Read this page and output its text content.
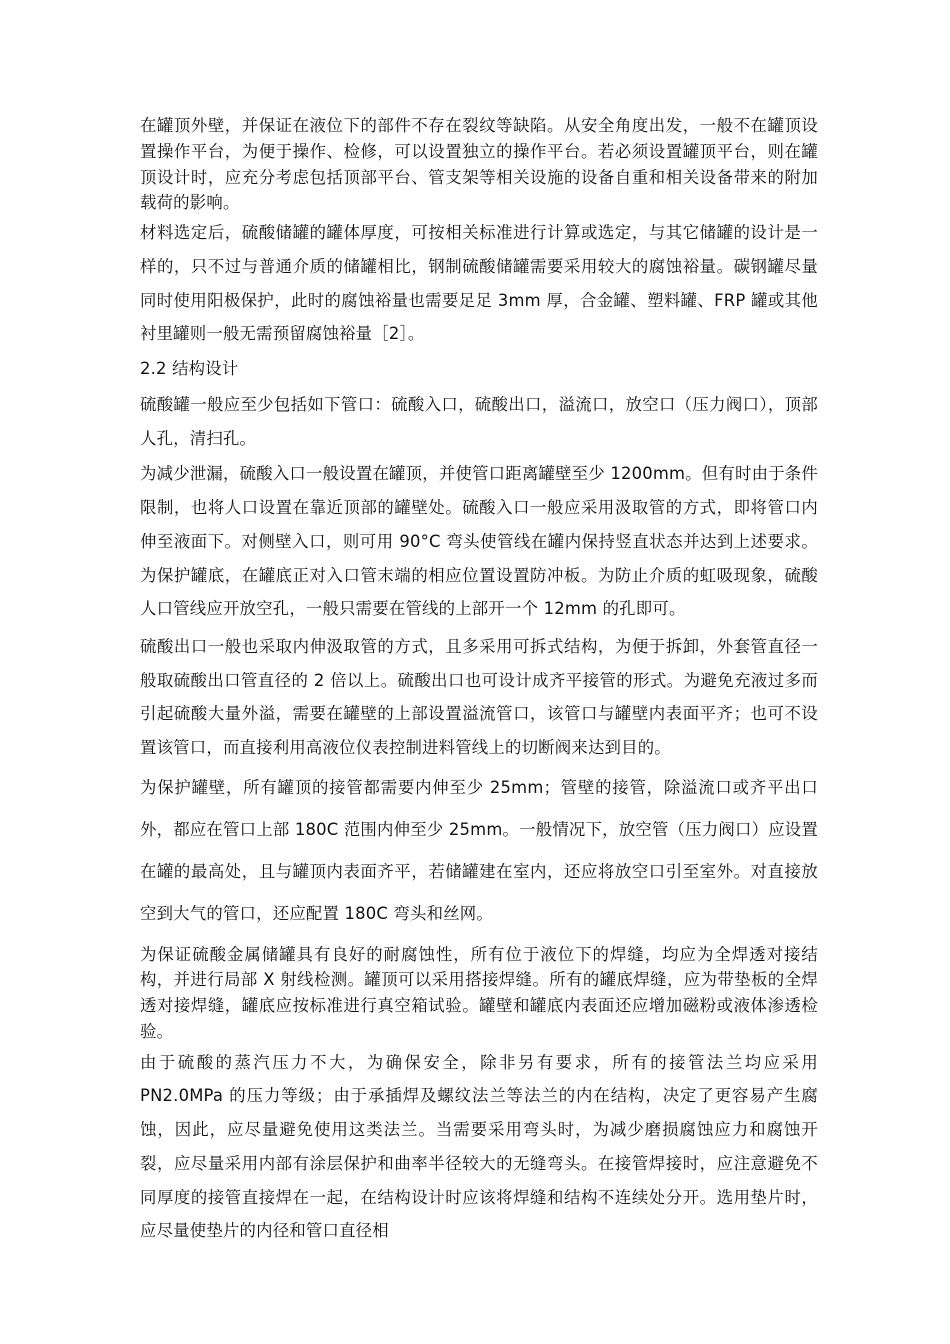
在罐顶外壁，并保证在液位下的部件不存在裂纹等缺陷。从安全角度出发，一般不在罐顶设置操作平台，为便于操作、检修，可以设置独立的操作平台。若必须设置罐顶平台，则在罐顶设计时，应充分考虑包括顶部平台、管支架等相关设施的设备自重和相关设备带来的附加载荷的影响。

材料选定后，硫酸储罐的罐体厚度，可按相关标准进行计算或选定，与其它储罐的设计是一样的，只不过与普通介质的储罐相比，钢制硫酸储罐需要采用较大的腐蚀裕量。碳钢罐尽量同时使用阳极保护，此时的腐蚀裕量也需要足足 3mm 厚，合金罐、塑料罐、FRP 罐或其他衬里罐则一般无需预留腐蚀裕量［2］。

2.2 结构设计

硫酸罐一般应至少包括如下管口：硫酸入口，硫酸出口，溢流口，放空口（压力阀口），顶部人孔，清扫孔。

为减少泄漏，硫酸入口一般设置在罐顶，并使管口距离罐壁至少 1200mm。但有时由于条件限制，也将人口设置在靠近顶部的罐壁处。硫酸入口一般应采用汲取管的方式，即将管口内伸至液面下。对侧壁入口，则可用 90°C 弯头使管线在罐内保持竖直状态并达到上述要求。为保护罐底，在罐底正对入口管末端的相应位置设置防冲板。为防止介质的虹吸现象，硫酸人口管线应开放空孔，一般只需要在管线的上部开一个 12mm 的孔即可。

硫酸出口一般也采取内伸汲取管的方式，且多采用可拆式结构，为便于拆卸，外套管直径一般取硫酸出口管直径的 2 倍以上。硫酸出口也可设计成齐平接管的形式。为避免充液过多而引起硫酸大量外溢，需要在罐壁的上部设置溢流管口，该管口与罐壁内表面平齐；也可不设置该管口，而直接利用高液位仪表控制进料管线上的切断阀来达到目的。

为保护罐壁，所有罐顶的接管都需要内伸至少 25mm；管壁的接管，除溢流口或齐平出口外，都应在管口上部 180C 范围内伸至少 25mm。一般情况下，放空管（压力阀口）应设置在罐的最高处，且与罐顶内表面齐平，若储罐建在室内，还应将放空口引至室外。对直接放空到大气的管口，还应配置 180C 弯头和丝网。

为保证硫酸金属储罐具有良好的耐腐蚀性，所有位于液位下的焊缝，均应为全焊透对接结构，并进行局部 X 射线检测。罐顶可以采用搭接焊缝。所有的罐底焊缝，应为带垫板的全焊透对接焊缝，罐底应按标准进行真空箱试验。罐壁和罐底内表面还应增加磁粉或液体渗透检验。

由于硫酸的蒸汽压力不大，为确保安全，除非另有要求，所有的接管法兰均应采用 PN2.0MPa 的压力等级；由于承插焊及螺纹法兰等法兰的内在结构，决定了更容易产生腐蚀，因此，应尽量避免使用这类法兰。当需要采用弯头时，为减少磨损腐蚀应力和腐蚀开裂，应尽量采用内部有涂层保护和曲率半径较大的无缝弯头。在接管焊接时，应注意避免不同厚度的接管直接焊在一起，在结构设计时应该将焊缝和结构不连续处分开。选用垫片时，应尽量使垫片的内径和管口直径相
